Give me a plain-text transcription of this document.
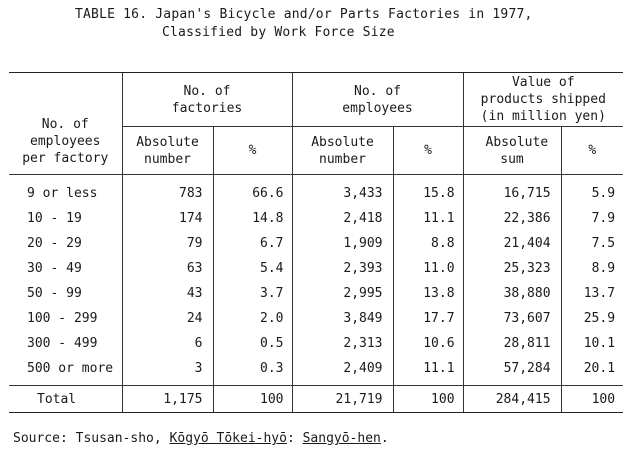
TABLE 16. Japan's Bicycle and/or Parts Factories in 1977,
Classified by Work Force Size
No. of employees per factory	No. of factories		No. of employees		Value of products shipped (in million yen)	
	Absolute number	%	Absolute number	%	Absolute sum	%
9 or less	783	66.6	3,433	15.8	16,715	5.9
10 - 19	174	14.8	2,418	11.1	22,386	7.9
20 - 29	79	6.7	1,909	8.8	21,404	7.5
30 - 49	63	5.4	2,393	11.0	25,323	8.9
50 - 99	43	3.7	2,995	13.8	38,880	13.7
100 - 299	24	2.0	3,849	17.7	73,607	25.9
300 - 499	6	0.5	2,313	10.6	28,811	10.1
500 or more	3	0.3	2,409	11.1	57,284	20.1
Total	1,175	100	21,719	100	284,415	100
Source: Tsusan-sho, Kōgyō Tōkei-hyō: Sangyō-hen.
